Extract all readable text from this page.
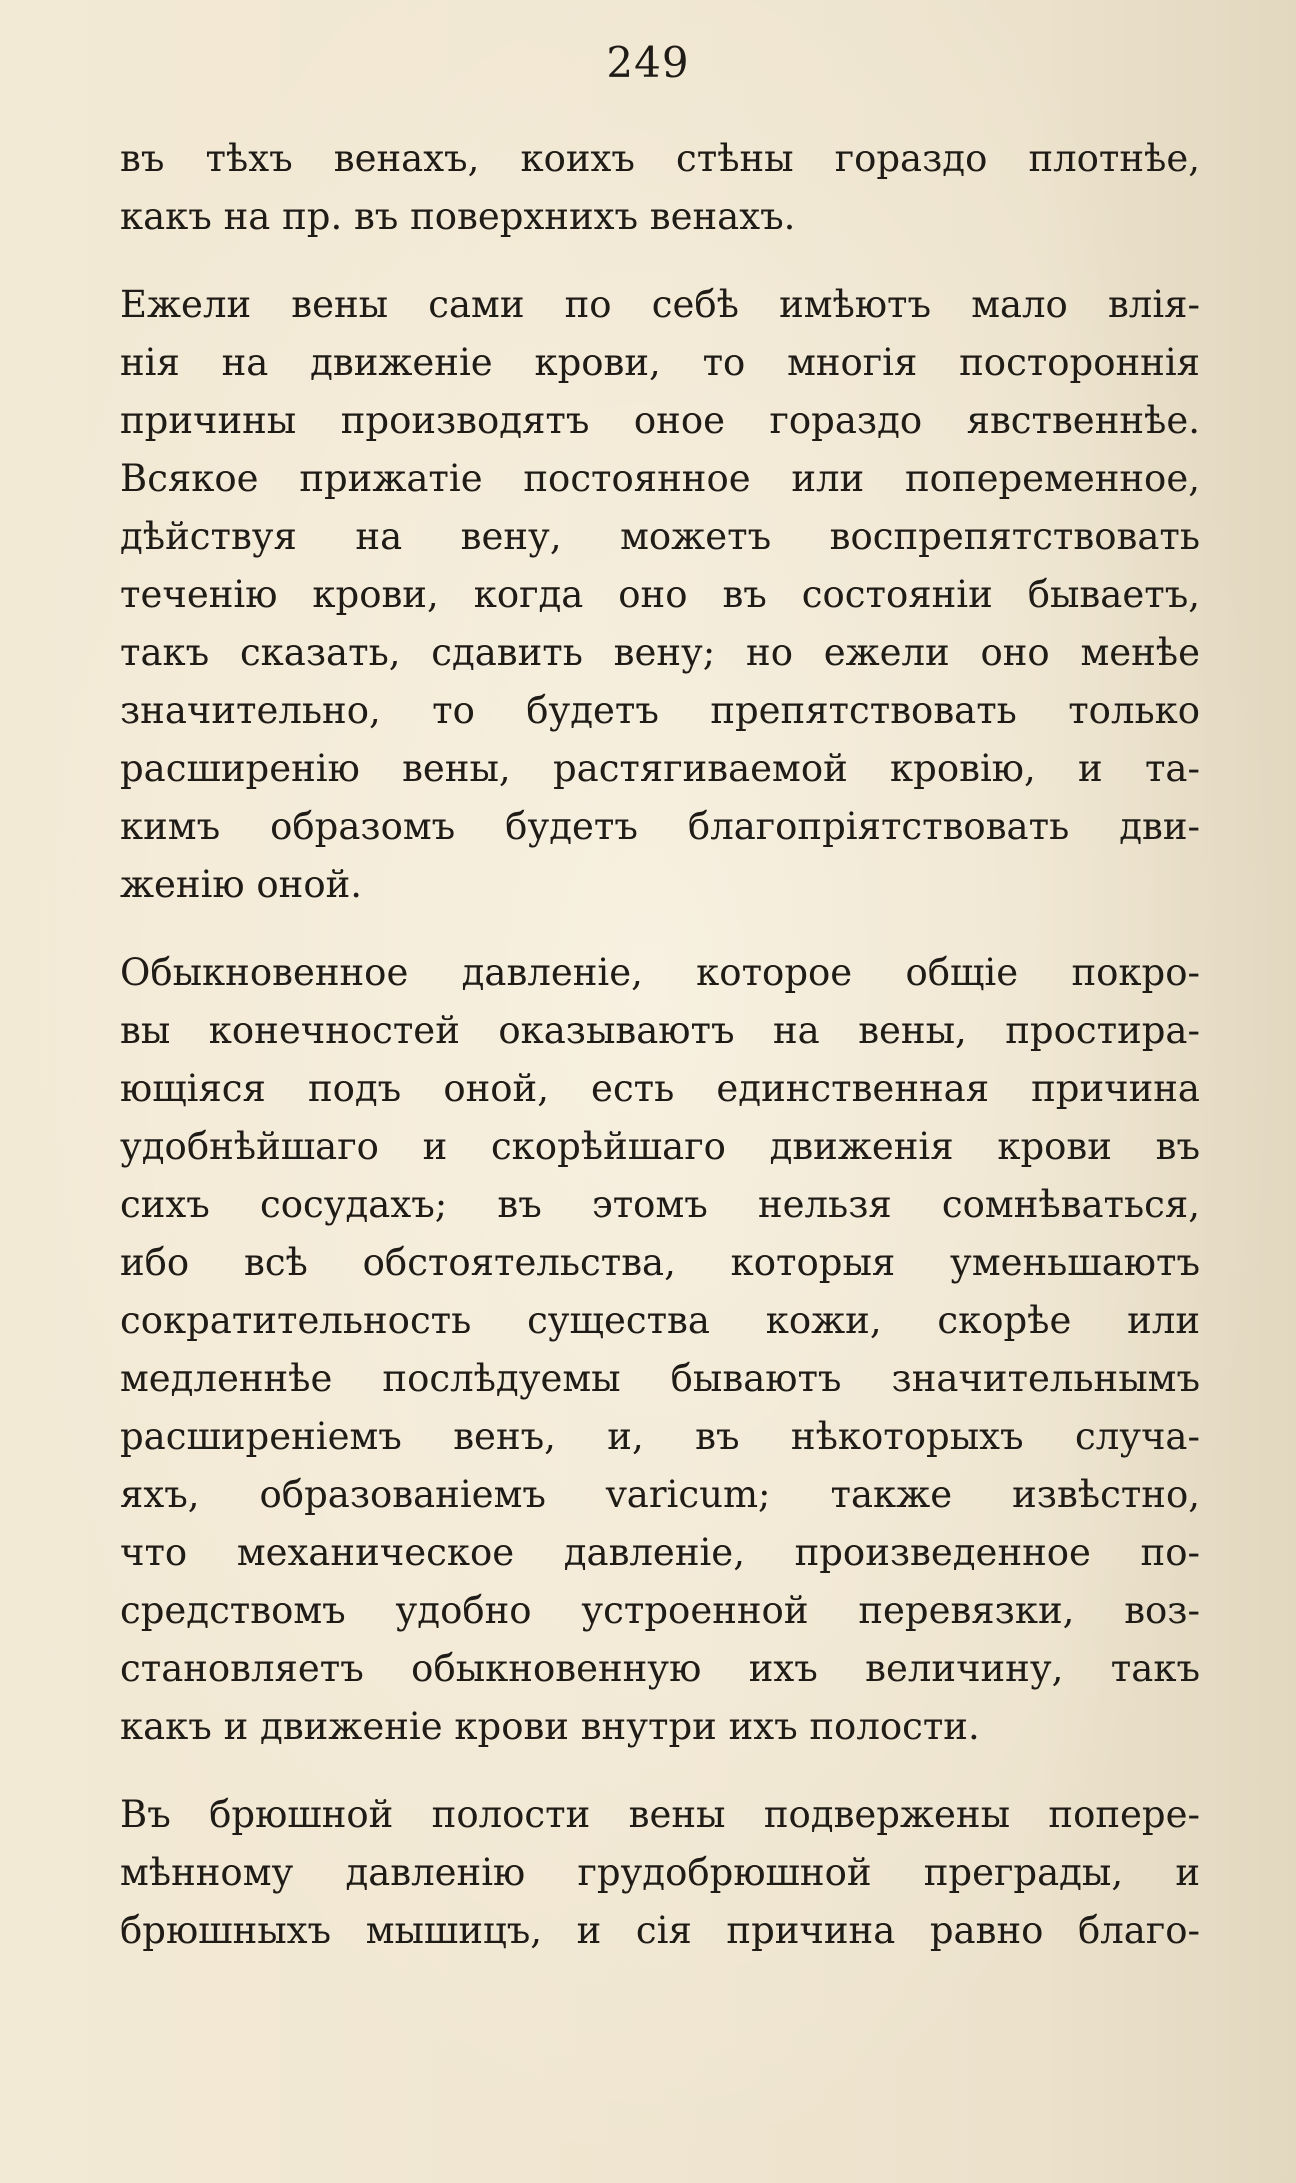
249
въ тѣхъ венахъ, коихъ стѣны гораздо плотнѣе,
какъ на пр. въ поверхнихъ венахъ.
Ежели вены сами по себѣ имѣютъ мало влія-
нія на движеніе крови, то многія постороннія
причины производятъ оное гораздо явственнѣе.
Всякое прижатіе постоянное или попеременное,
дѣйствуя на вену, можетъ воспрепятствовать
теченію крови, когда оно въ состояніи бываетъ,
такъ сказать, сдавить вену; но ежели оно менѣе
значительно, то будетъ препятствовать только
расширенію вены, растягиваемой кровію, и та-
кимъ образомъ будетъ благопріятствовать дви-
женію оной.
Обыкновенное давленіе, которое общіе покро-
вы конечностей оказываютъ на вены, простира-
ющіяся подъ оной, есть единственная причина
удобнѣйшаго и скорѣйшаго движенія крови въ
сихъ сосудахъ; въ этомъ нельзя сомнѣваться,
ибо всѣ обстоятельства, которыя уменьшаютъ
сократительность существа кожи, скорѣе или
медленнѣе послѣдуемы бываютъ значительнымъ
расширеніемъ венъ, и, въ нѣкоторыхъ случа-
яхъ, образованіемъ varicum; также извѣстно,
что механическое давленіе, произведенное по-
средствомъ удобно устроенной перевязки, воз-
становляетъ обыкновенную ихъ величину, такъ
какъ и движеніе крови внутри ихъ полости.
Въ брюшной полости вены подвержены попере-
мѣнному давленію грудобрюшной преграды, и
брюшныхъ мышицъ, и сія причина равно благо-
